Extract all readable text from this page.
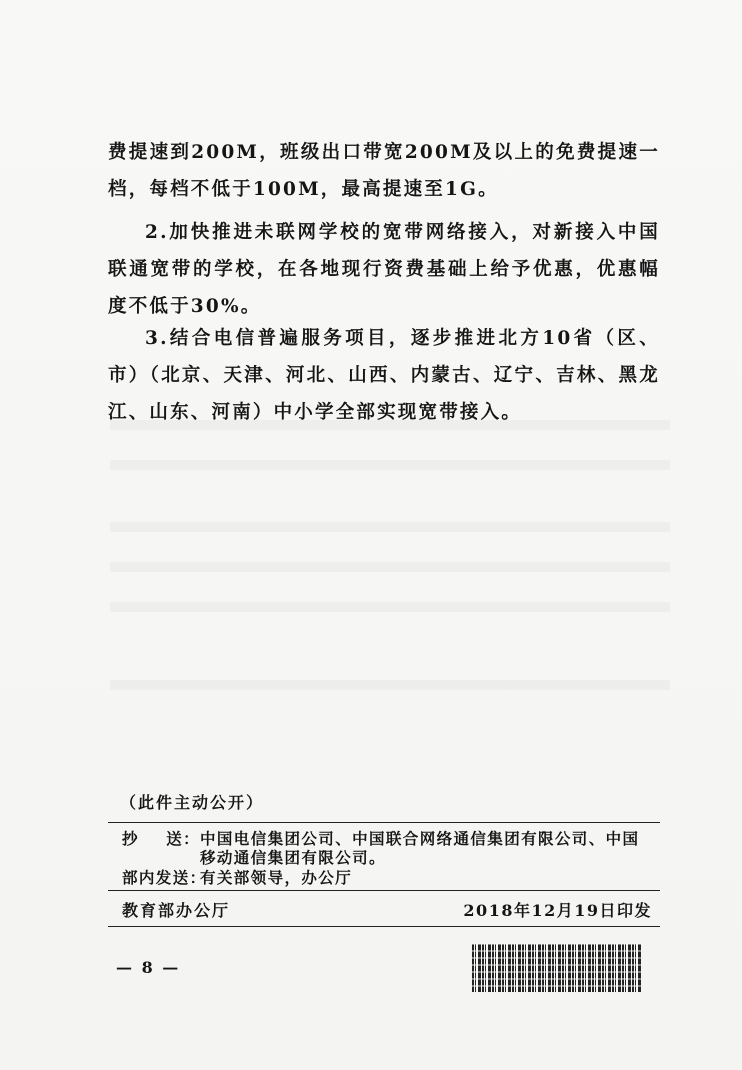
费提速到200M，班级出口带宽200M及以上的免费提速一档，每档不低于100M，最高提速至1G。

2.加快推进未联网学校的宽带网络接入，对新接入中国联通宽带的学校，在各地现行资费基础上给予优惠，优惠幅度不低于30%。

3.结合电信普遍服务项目，逐步推进北方10省（区、市）（北京、天津、河北、山西、内蒙古、辽宁、吉林、黑龙江、山东、河南）中小学全部实现宽带接入。

（此件主动公开）
抄 送： 中国电信集团公司、中国联合网络通信集团有限公司、中国移动通信集团有限公司。
部内发送：
有关部领导，办公厅
教育部办公厅	2018年12月19日印发
— 8 —
